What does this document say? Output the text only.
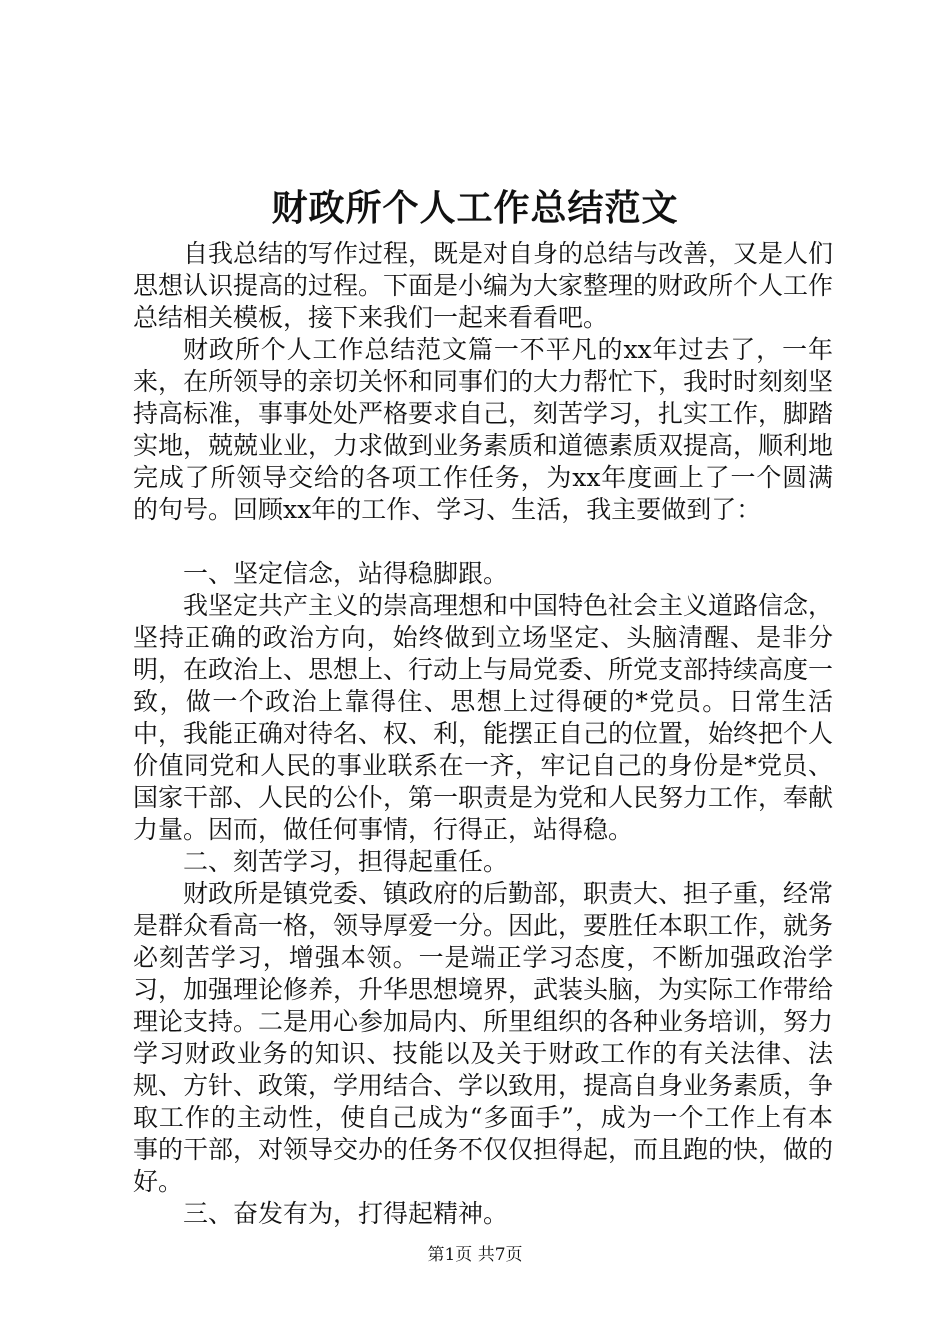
财政所个人工作总结范文

自我总结的写作过程，既是对自身的总结与改善，又是人们思想认识提高的过程。下面是小编为大家整理的财政所个人工作总结相关模板，接下来我们一起来看看吧。

财政所个人工作总结范文篇一不平凡的xx年过去了，一年来，在所领导的亲切关怀和同事们的大力帮忙下，我时时刻刻坚持高标准，事事处处严格要求自己，刻苦学习，扎实工作，脚踏实地，兢兢业业，力求做到业务素质和道德素质双提高，顺利地完成了所领导交给的各项工作任务，为xx年度画上了一个圆满的句号。回顾xx年的工作、学习、生活，我主要做到了：

一、坚定信念，站得稳脚跟。

我坚定共产主义的崇高理想和中国特色社会主义道路信念，坚持正确的政治方向，始终做到立场坚定、头脑清醒、是非分明，在政治上、思想上、行动上与局党委、所党支部持续高度一致，做一个政治上靠得住、思想上过得硬的*党员。日常生活中，我能正确对待名、权、利，能摆正自己的位置，始终把个人价值同党和人民的事业联系在一齐，牢记自己的身份是*党员、国家干部、人民的公仆，第一职责是为党和人民努力工作，奉献力量。因而，做任何事情，行得正，站得稳。

二、刻苦学习，担得起重任。

财政所是镇党委、镇政府的后勤部，职责大、担子重，经常是群众看高一格，领导厚爱一分。因此，要胜任本职工作，就务必刻苦学习，增强本领。一是端正学习态度，不断加强政治学习，加强理论修养，升华思想境界，武装头脑，为实际工作带给理论支持。二是用心参加局内、所里组织的各种业务培训，努力学习财政业务的知识、技能以及关于财政工作的有关法律、法规、方针、政策，学用结合、学以致用，提高自身业务素质，争取工作的主动性，使自己成为“多面手”，成为一个工作上有本事的干部，对领导交办的任务不仅仅担得起，而且跑的快，做的好。

三、奋发有为，打得起精神。

第1页 共7页
